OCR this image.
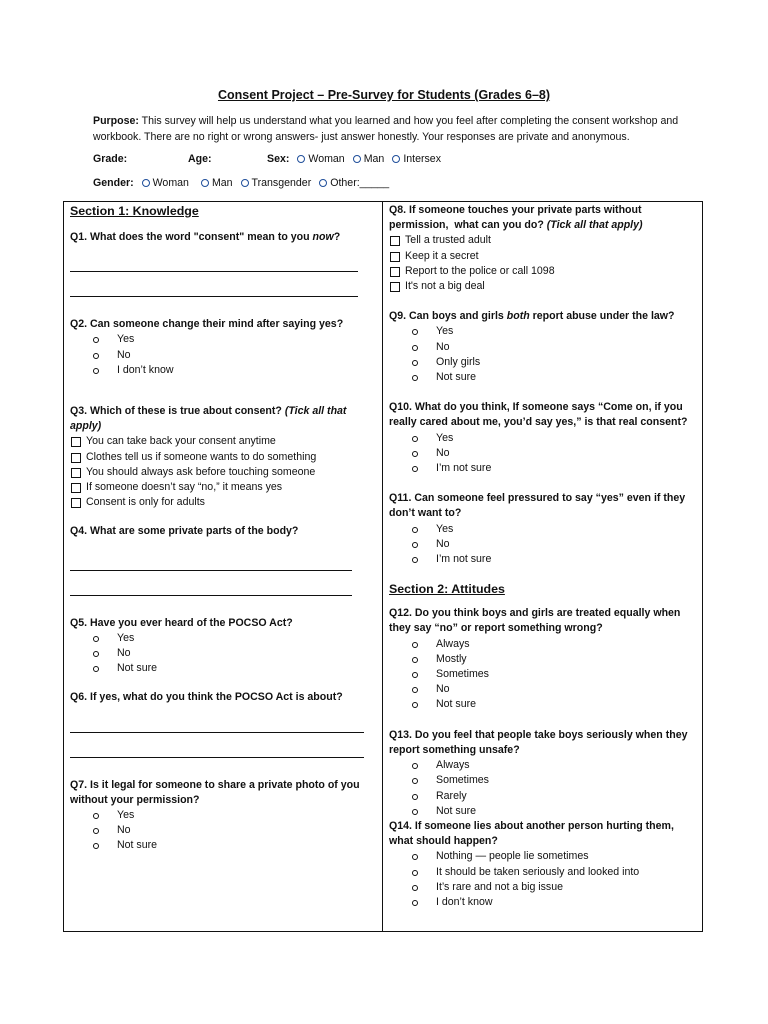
Consent Project – Pre-Survey for Students (Grades 6–8)
Purpose: This survey will help us understand what you learned and how you feel after completing the consent workshop and workbook. There are no right or wrong answers- just answer honestly. Your responses are private and anonymous.
Grade:	Age:	Sex: Woman Man Intersex
Gender: Woman Man Transgender Other:_____
Section 1: Knowledge
Q1. What does the word "consent" mean to you now?
Q2. Can someone change their mind after saying yes?
Yes
No
I don’t know
Q3. Which of these is true about consent? (Tick all that apply)
You can take back your consent anytime
Clothes tell us if someone wants to do something
You should always ask before touching someone
If someone doesn’t say “no,” it means yes
Consent is only for adults
Q4. What are some private parts of the body?
Q5. Have you ever heard of the POCSO Act?
Yes
No
Not sure
Q6. If yes, what do you think the POCSO Act is about?
Q7. Is it legal for someone to share a private photo of you without your permission?
Yes
No
Not sure
Q8. If someone touches your private parts without permission,  what can you do? (Tick all that apply)
Tell a trusted adult
Keep it a secret
Report to the police or call 1098
It's not a big deal
Q9. Can boys and girls both report abuse under the law?
Yes
No
Only girls
Not sure
Q10. What do you think, If someone says “Come on, if you really cared about me, you’d say yes,” is that real consent?
Yes
No
I’m not sure
Q11. Can someone feel pressured to say “yes” even if they don’t want to?
Yes
No
I’m not sure
Section 2: Attitudes
Q12. Do you think boys and girls are treated equally when they say “no” or report something wrong?
Always
Mostly
Sometimes
No
Not sure
Q13. Do you feel that people take boys seriously when they report something unsafe?
Always
Sometimes
Rarely
Not sure
Q14. If someone lies about another person hurting them, what should happen?
Nothing — people lie sometimes
It should be taken seriously and looked into
It’s rare and not a big issue
I don’t know
